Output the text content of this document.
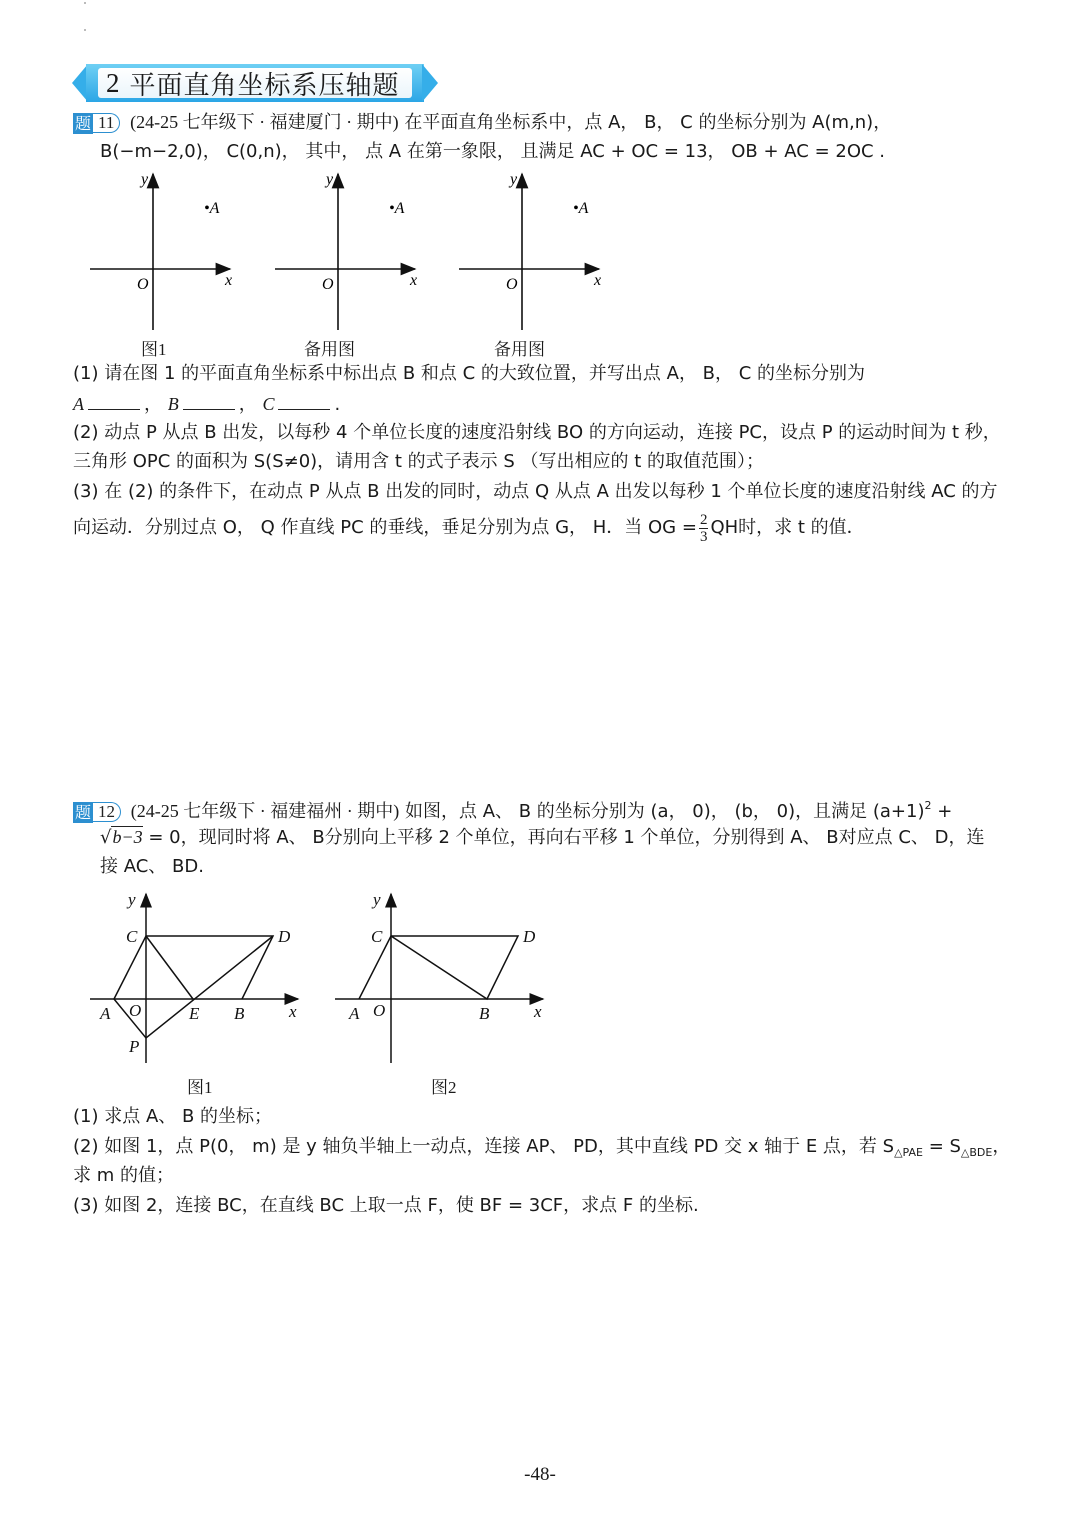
2 平面直角坐标系压轴题
题 11 (24-25 七年级下 · 福建厦门 · 期中) 在平面直角坐标系中，点 A， B， C 的坐标分别为 A(m,n)，
B(−m−2,0)， C(0,n)， 其中， 点 A 在第一象限， 且满足 AC + OC = 13， OB + AC = 2OC .
y
x
O
•A
图1
y
x
O
•A
备用图
y
x
O
•A
备用图
(1) 请在图 1 的平面直角坐标系中标出点 B 和点 C 的大致位置，并写出点 A， B， C 的坐标分别为
A	， B	， C	.
(2) 动点 P 从点 B 出发，以每秒 4 个单位长度的速度沿射线 BO 的方向运动，连接 PC，设点 P 的运动时间为 t 秒，
三角形 OPC 的面积为 S(S≠0)，请用含 t 的式子表示 S （写出相应的 t 的取值范围）；
(3) 在 (2) 的条件下，在动点 P 从点 B 出发的同时，动点 Q 从点 A 出发以每秒 1 个单位长度的速度沿射线 AC 的方
向运动．分别过点 O， Q 作直线 PC 的垂线，垂足分别为点 G， H．当 OG = $\frac{2}{3}$ QH时，求 t 的值．
题 12 (24-25 七年级下 · 福建福州 · 期中) 如图，点 A、 B 的坐标分别为 (a， 0)， (b， 0)，且满足 $(a+1)^2$ +
√b−3 = 0，现同时将 A、 B分别向上平移 2 个单位，再向右平移 1 个单位，分别得到 A、 B对应点 C、 D，连
接 AC、 BD.
y
C	D
A O	E B	x
P
图1
y
C	D
A O	B	x
图2
(1) 求点 A、 B 的坐标；
(2) 如图 1，点 P(0， m) 是 y 轴负半轴上一动点，连接 AP、 PD，其中直线 PD 交 x 轴于 E 点，若 $S_{\triangle PAE} = S_{\triangle BDE}$，
求 m 的值；
(3) 如图 2，连接 BC，在直线 BC 上取一点 F，使 BF = 3CF，求点 F 的坐标.
-48-
